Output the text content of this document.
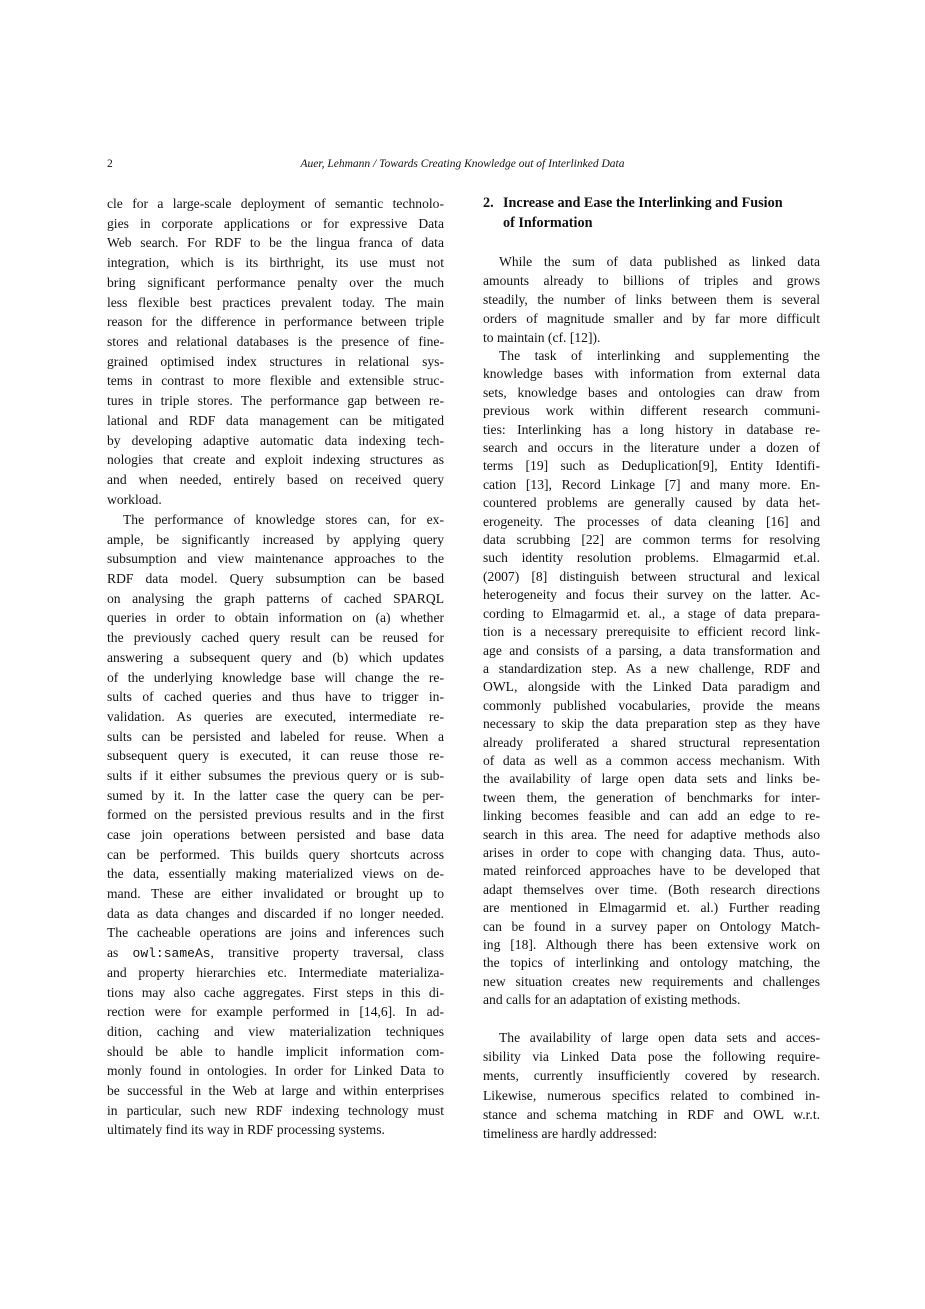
2	Auer, Lehmann / Towards Creating Knowledge out of Interlinked Data
2. Increase and Ease the Interlinking and Fusion
of Information
cle for a large-scale deployment of semantic technolo-
gies in corporate applications or for expressive Data
Web search. For RDF to be the lingua franca of data
integration, which is its birthright, its use must not
bring significant performance penalty over the much
less flexible best practices prevalent today. The main
reason for the difference in performance between triple
stores and relational databases is the presence of fine-
grained optimised index structures in relational sys-
tems in contrast to more flexible and extensible struc-
tures in triple stores. The performance gap between re-
lational and RDF data management can be mitigated
by developing adaptive automatic data indexing tech-
nologies that create and exploit indexing structures as
and when needed, entirely based on received query
workload.
The performance of knowledge stores can, for ex-
ample, be significantly increased by applying query
subsumption and view maintenance approaches to the
RDF data model. Query subsumption can be based
on analysing the graph patterns of cached SPARQL
queries in order to obtain information on (a) whether
the previously cached query result can be reused for
answering a subsequent query and (b) which updates
of the underlying knowledge base will change the re-
sults of cached queries and thus have to trigger in-
validation. As queries are executed, intermediate re-
sults can be persisted and labeled for reuse. When a
subsequent query is executed, it can reuse those re-
sults if it either subsumes the previous query or is sub-
sumed by it. In the latter case the query can be per-
formed on the persisted previous results and in the first
case join operations between persisted and base data
can be performed. This builds query shortcuts across
the data, essentially making materialized views on de-
mand. These are either invalidated or brought up to
data as data changes and discarded if no longer needed.
The cacheable operations are joins and inferences such
as owl:sameAs, transitive property traversal, class
and property hierarchies etc. Intermediate materializa-
tions may also cache aggregates. First steps in this di-
rection were for example performed in [14,6]. In ad-
dition, caching and view materialization techniques
should be able to handle implicit information com-
monly found in ontologies. In order for Linked Data to
be successful in the Web at large and within enterprises
in particular, such new RDF indexing technology must
ultimately find its way in RDF processing systems.
While the sum of data published as linked data
amounts already to billions of triples and grows
steadily, the number of links between them is several
orders of magnitude smaller and by far more difficult
to maintain (cf. [12]).
The task of interlinking and supplementing the
knowledge bases with information from external data
sets, knowledge bases and ontologies can draw from
previous work within different research communi-
ties: Interlinking has a long history in database re-
search and occurs in the literature under a dozen of
terms [19] such as Deduplication[9], Entity Identifi-
cation [13], Record Linkage [7] and many more. En-
countered problems are generally caused by data het-
erogeneity. The processes of data cleaning [16] and
data scrubbing [22] are common terms for resolving
such identity resolution problems. Elmagarmid et.al.
(2007) [8] distinguish between structural and lexical
heterogeneity and focus their survey on the latter. Ac-
cording to Elmagarmid et. al., a stage of data prepara-
tion is a necessary prerequisite to efficient record link-
age and consists of a parsing, a data transformation and
a standardization step. As a new challenge, RDF and
OWL, alongside with the Linked Data paradigm and
commonly published vocabularies, provide the means
necessary to skip the data preparation step as they have
already proliferated a shared structural representation
of data as well as a common access mechanism. With
the availability of large open data sets and links be-
tween them, the generation of benchmarks for inter-
linking becomes feasible and can add an edge to re-
search in this area. The need for adaptive methods also
arises in order to cope with changing data. Thus, auto-
mated reinforced approaches have to be developed that
adapt themselves over time. (Both research directions
are mentioned in Elmagarmid et. al.) Further reading
can be found in a survey paper on Ontology Match-
ing [18]. Although there has been extensive work on
the topics of interlinking and ontology matching, the
new situation creates new requirements and challenges
and calls for an adaptation of existing methods.
The availability of large open data sets and acces-
sibility via Linked Data pose the following require-
ments, currently insufficiently covered by research.
Likewise, numerous specifics related to combined in-
stance and schema matching in RDF and OWL w.r.t.
timeliness are hardly addressed:
